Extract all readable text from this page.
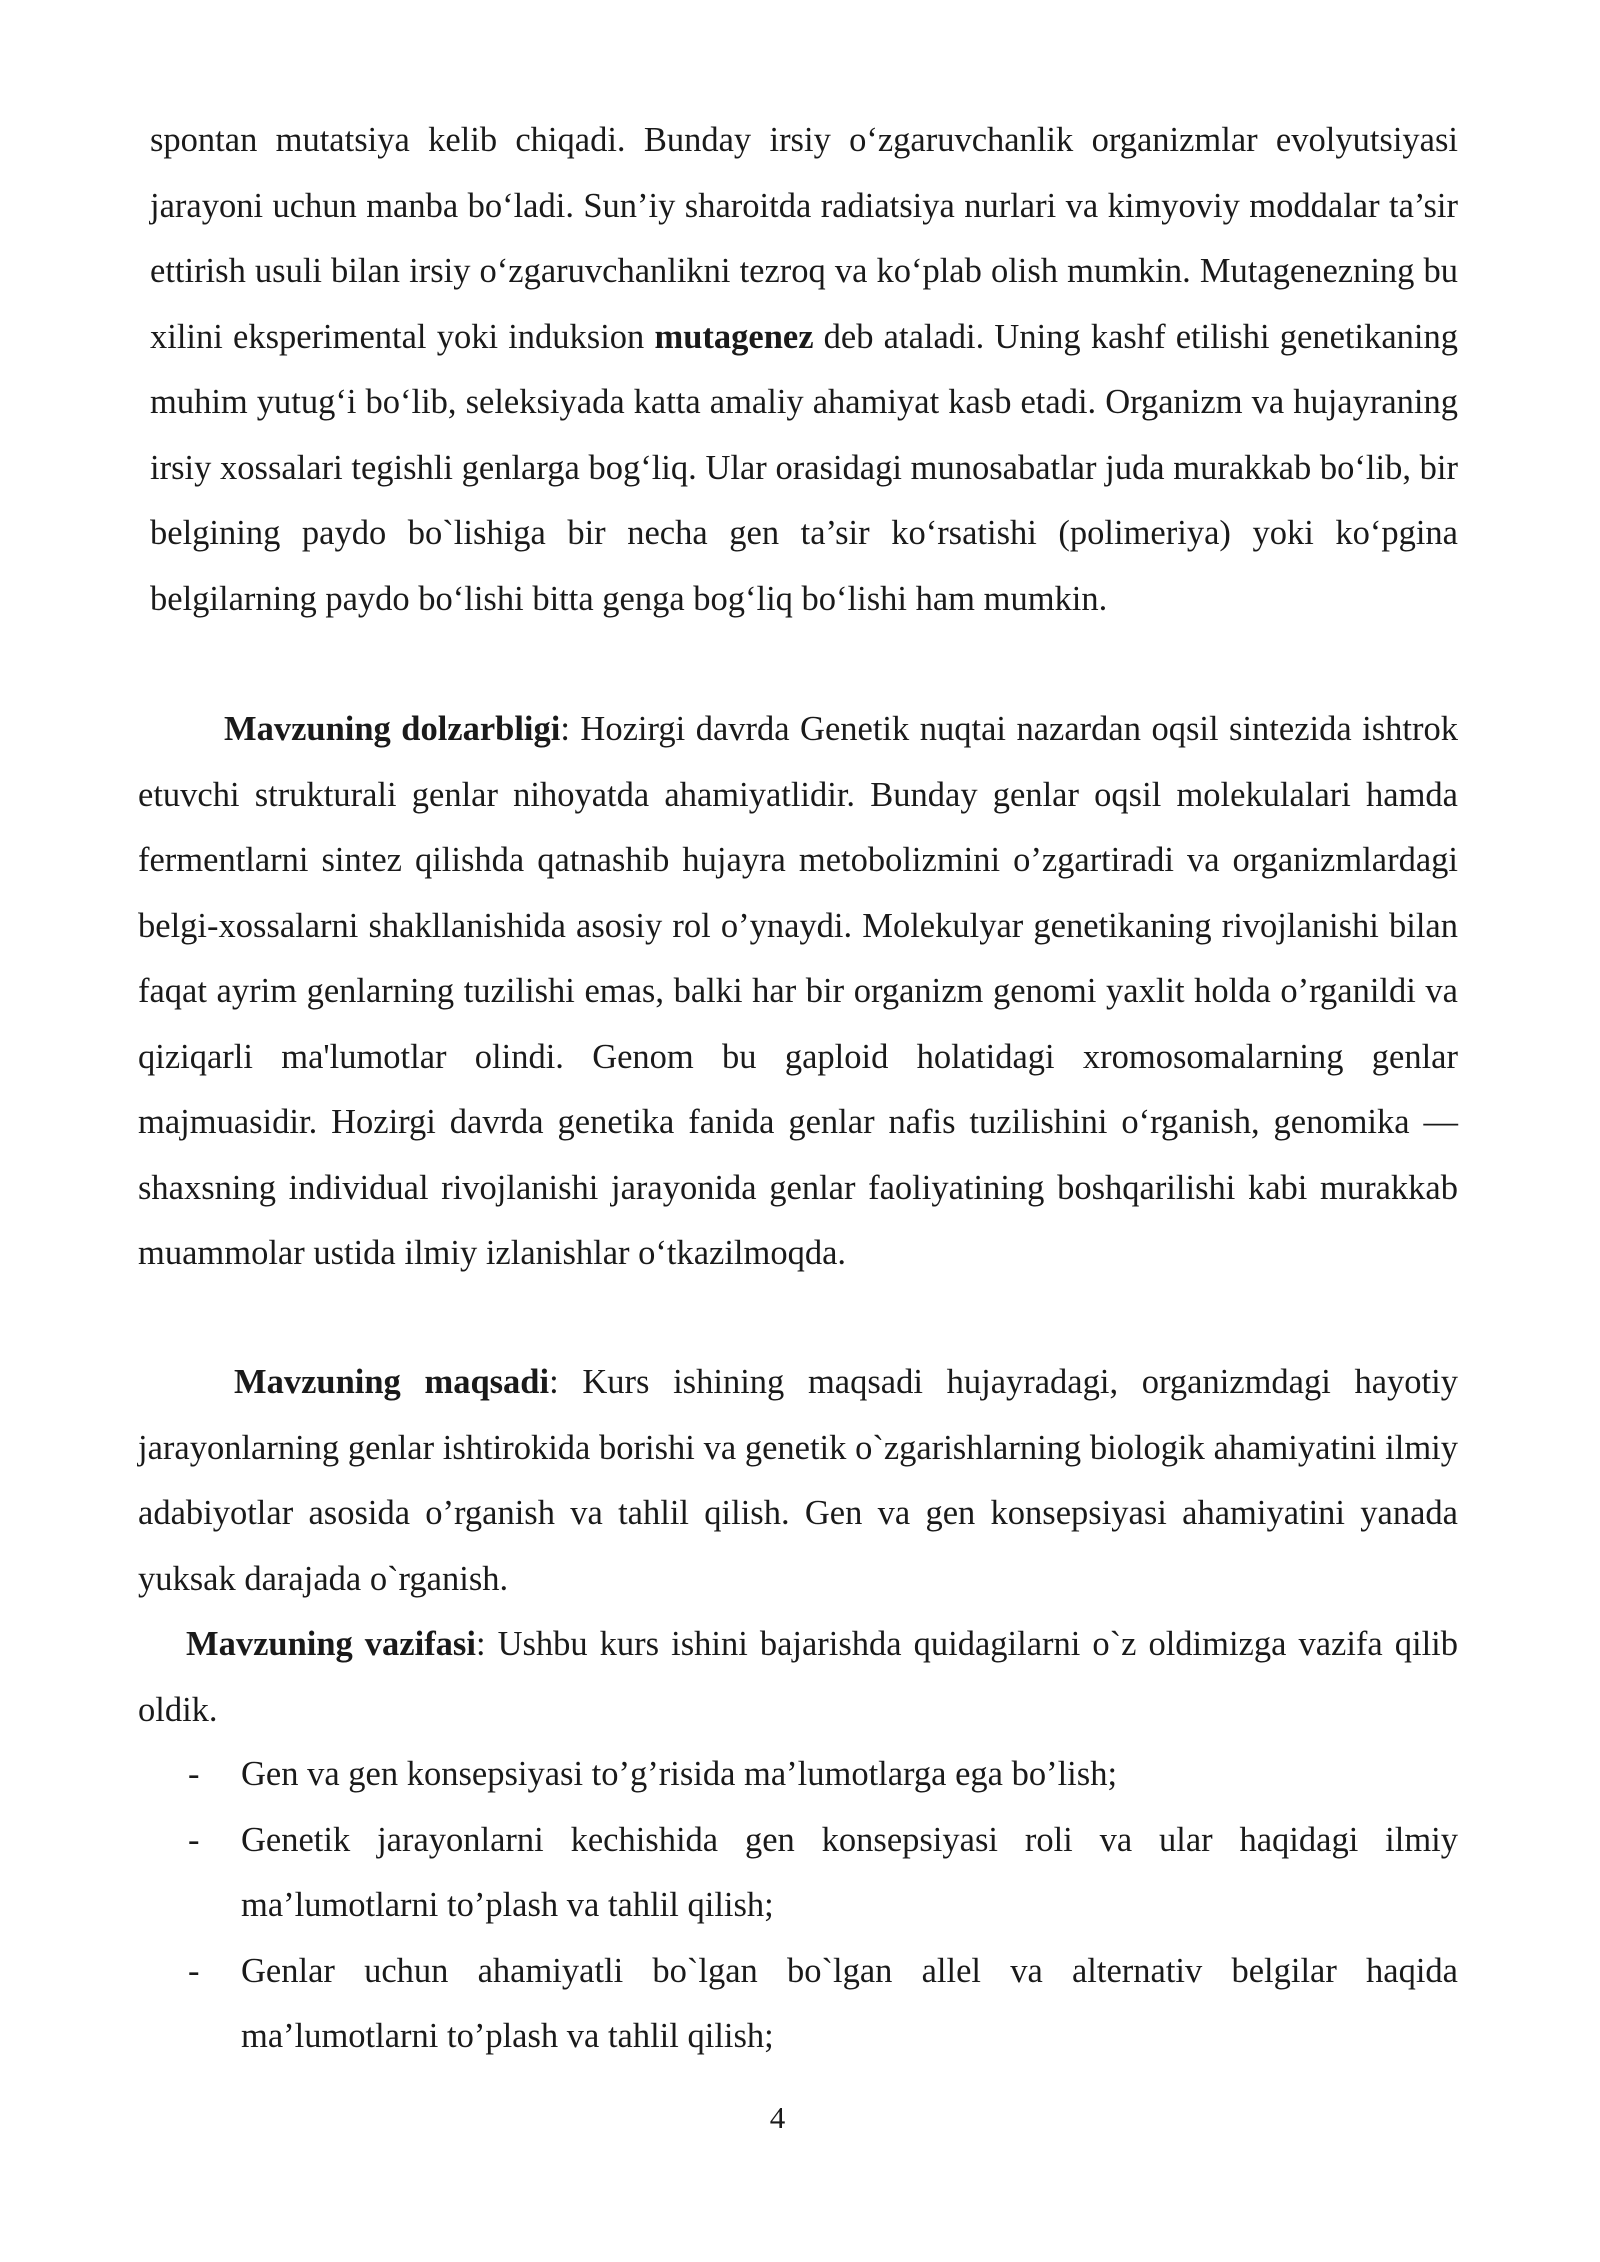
spontan mutatsiya kelib chiqadi. Bunday irsiy o‘zgaruvchanlik organizmlar evolyutsiyasi jarayoni uchun manba bo‘ladi. Sun’iy sharoitda radiatsiya nurlari va kimyoviy moddalar ta’sir ettirish usuli bilan irsiy o‘zgaruvchanlikni tezroq va ko‘plab olish mumkin. Mutagenezning bu xilini eksperimental yoki induksion mutagenez deb ataladi. Uning kashf etilishi genetikaning muhim yutug‘i bo‘lib, seleksiyada katta amaliy ahamiyat kasb etadi. Organizm va hujayraning irsiy xossalari tegishli genlarga bog‘liq. Ular orasidagi munosabatlar juda murakkab bo‘lib, bir belgining paydo bo`lishiga bir necha gen ta’sir ko‘rsatishi (polimeriya) yoki ko‘pgina belgilarning paydo bo‘lishi bitta genga bog‘liq bo‘lishi ham mumkin.

Mavzuning dolzarbligi: Hozirgi davrda Genetik nuqtai nazardan oqsil sintezida ishtrok etuvchi strukturali genlar nihoyatda ahamiyatlidir. Bunday genlar oqsil molekulalari hamda fermentlarni sintez qilishda qatnashib hujayra metobolizmini o’zgartiradi va organizmlardagi belgi-xossalarni shakllanishida asosiy rol o’ynaydi. Molekulyar genetikaning rivojlanishi bilan faqat ayrim genlarning tuzilishi emas, balki har bir organizm genomi yaxlit holda o’rganildi va qiziqarli ma'lumotlar olindi. Genom bu gaploid holatidagi xromosomalarning genlar majmuasidir. Hozirgi davrda genetika fanida genlar nafis tuzilishini o‘rganish, genomika — shaxsning individual rivojlanishi jarayonida genlar faoliyatining boshqarilishi kabi murakkab muammolar ustida ilmiy izlanishlar o‘tkazilmoqda.

Mavzuning maqsadi: Kurs ishining maqsadi hujayradagi, organizmdagi hayotiy jarayonlarning genlar ishtirokida borishi va genetik o`zgarishlarning biologik ahamiyatini ilmiy adabiyotlar asosida o’rganish va tahlil qilish. Gen va gen konsepsiyasi ahamiyatini yanada yuksak darajada o`rganish.

Mavzuning vazifasi: Ushbu kurs ishini bajarishda quidagilarni o`z oldimizga vazifa qilib oldik.

- Gen va gen konsepsiyasi to’g’risida ma’lumotlarga ega bo’lish;
- Genetik jarayonlarni kechishida gen konsepsiyasi roli va ular haqidagi ilmiy ma’lumotlarni to’plash va tahlil qilish;
- Genlar uchun ahamiyatli bo`lgan bo`lgan allel va alternativ belgilar haqida ma’lumotlarni to’plash va tahlil qilish;
4
